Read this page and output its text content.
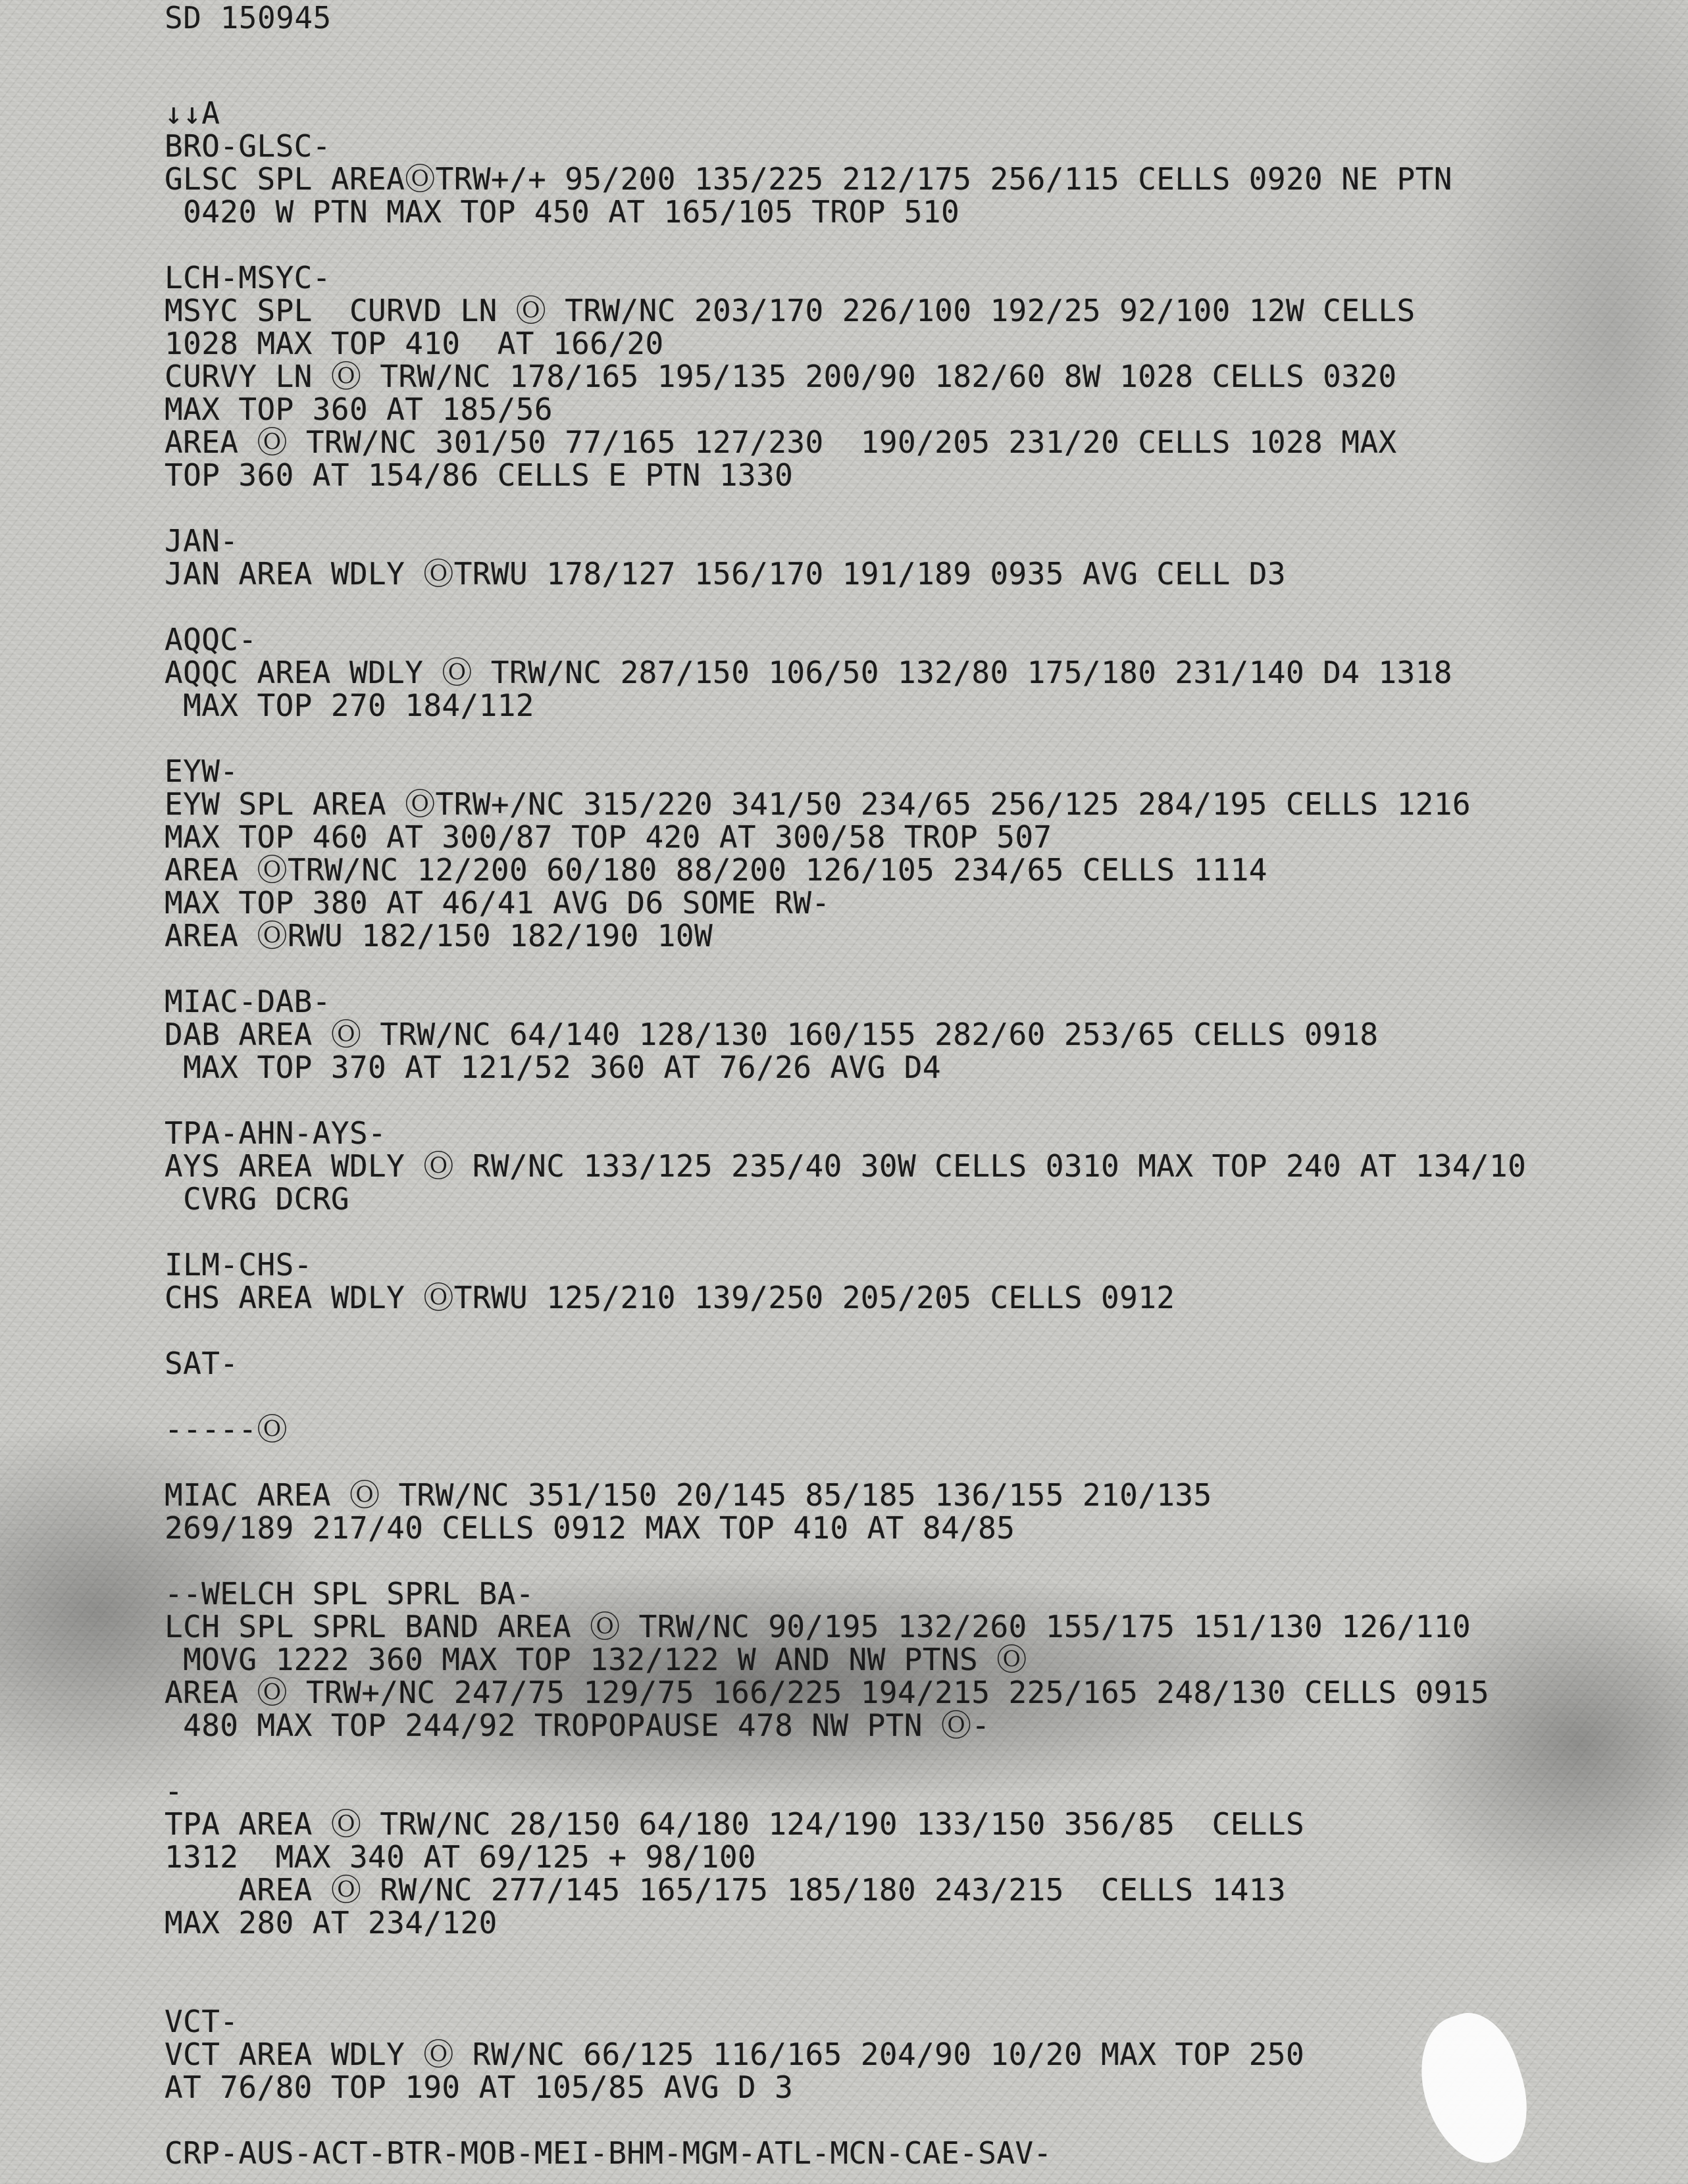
SD 150945
↓↓A
BRO-GLSC-
GLSC SPL AREAⓄTRW+/+ 95/200 135/225 212/175 256/115 CELLS 0920 NE PTN
0420 W PTN MAX TOP 450 AT 165/105 TROP 510
LCH-MSYC-
MSYC SPL  CURVD LN Ⓞ TRW/NC 203/170 226/100 192/25 92/100 12W CELLS
1028 MAX TOP 410  AT 166/20
CURVY LN Ⓞ TRW/NC 178/165 195/135 200/90 182/60 8W 1028 CELLS 0320
MAX TOP 360 AT 185/56
AREA Ⓞ TRW/NC 301/50 77/165 127/230  190/205 231/20 CELLS 1028 MAX
TOP 360 AT 154/86 CELLS E PTN 1330
JAN-
JAN AREA WDLY ⓄTRWU 178/127 156/170 191/189 0935 AVG CELL D3
AQQC-
AQQC AREA WDLY Ⓞ TRW/NC 287/150 106/50 132/80 175/180 231/140 D4 1318
MAX TOP 270 184/112
EYW-
EYW SPL AREA ⓄTRW+/NC 315/220 341/50 234/65 256/125 284/195 CELLS 1216
MAX TOP 460 AT 300/87 TOP 420 AT 300/58 TROP 507
AREA ⓄTRW/NC 12/200 60/180 88/200 126/105 234/65 CELLS 1114
MAX TOP 380 AT 46/41 AVG D6 SOME RW-
AREA ⓄRWU 182/150 182/190 10W
MIAC-DAB-
DAB AREA Ⓞ TRW/NC 64/140 128/130 160/155 282/60 253/65 CELLS 0918
MAX TOP 370 AT 121/52 360 AT 76/26 AVG D4
TPA-AHN-AYS-
AYS AREA WDLY Ⓞ RW/NC 133/125 235/40 30W CELLS 0310 MAX TOP 240 AT 134/10
CVRG DCRG
ILM-CHS-
CHS AREA WDLY ⓄTRWU 125/210 139/250 205/205 CELLS 0912
SAT-
-----Ⓞ
MIAC AREA Ⓞ TRW/NC 351/150 20/145 85/185 136/155 210/135
269/189 217/40 CELLS 0912 MAX TOP 410 AT 84/85
--WELCH SPL SPRL BA-
LCH SPL SPRL BAND AREA Ⓞ TRW/NC 90/195 132/260 155/175 151/130 126/110
MOVG 1222 360 MAX TOP 132/122 W AND NW PTNS Ⓞ
AREA Ⓞ TRW+/NC 247/75 129/75 166/225 194/215 225/165 248/130 CELLS 0915
480 MAX TOP 244/92 TROPOPAUSE 478 NW PTN Ⓞ-
-
TPA AREA Ⓞ TRW/NC 28/150 64/180 124/190 133/150 356/85  CELLS
1312  MAX 340 AT 69/125 + 98/100
AREA Ⓞ RW/NC 277/145 165/175 185/180 243/215  CELLS 1413
MAX 280 AT 234/120
VCT-
VCT AREA WDLY Ⓞ RW/NC 66/125 116/165 204/90 10/20 MAX TOP 250
AT 76/80 TOP 190 AT 105/85 AVG D 3
CRP-AUS-ACT-BTR-MOB-MEI-BHM-MGM-ATL-MCN-CAE-SAV-
